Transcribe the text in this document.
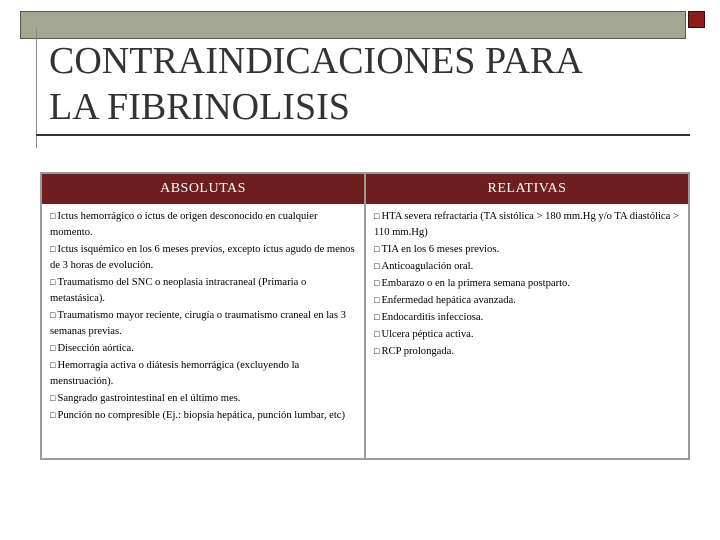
CONTRAINDICACIONES PARA
LA FIBRINOLISIS
ABSOLUTAS

□ Ictus hemorrágico o ictus de origen desconocido en cualquier momento.

□ Ictus isquémico en los 6 meses previos, excepto ictus agudo de menos de 3 horas de evolución.

□ Traumatismo del SNC o neoplasia intracraneal (Primaria o metastásica).

□ Traumatismo mayor reciente, cirugía o traumatismo craneal en las 3 semanas previas.

□ Disección aórtica.

□ Hemorragia activa o diátesis hemorrágica (excluyendo la menstruación).

□ Sangrado gastrointestinal en el último mes.

□ Punción no compresible (Ej.: biopsia hepática, punción lumbar, etc)

RELATIVAS

□ HTA severa refractaria (TA sistólica > 180 mm.Hg y/o TA diastólica > 110 mm.Hg)

□ TIA en los 6 meses previos.

□ Anticoagulación oral.

□ Embarazo o en la primera semana postparto.

□ Enfermedad hepática avanzada.

□ Endocarditis infecciosa.

□ Ulcera péptica activa.

□ RCP prolongada.
